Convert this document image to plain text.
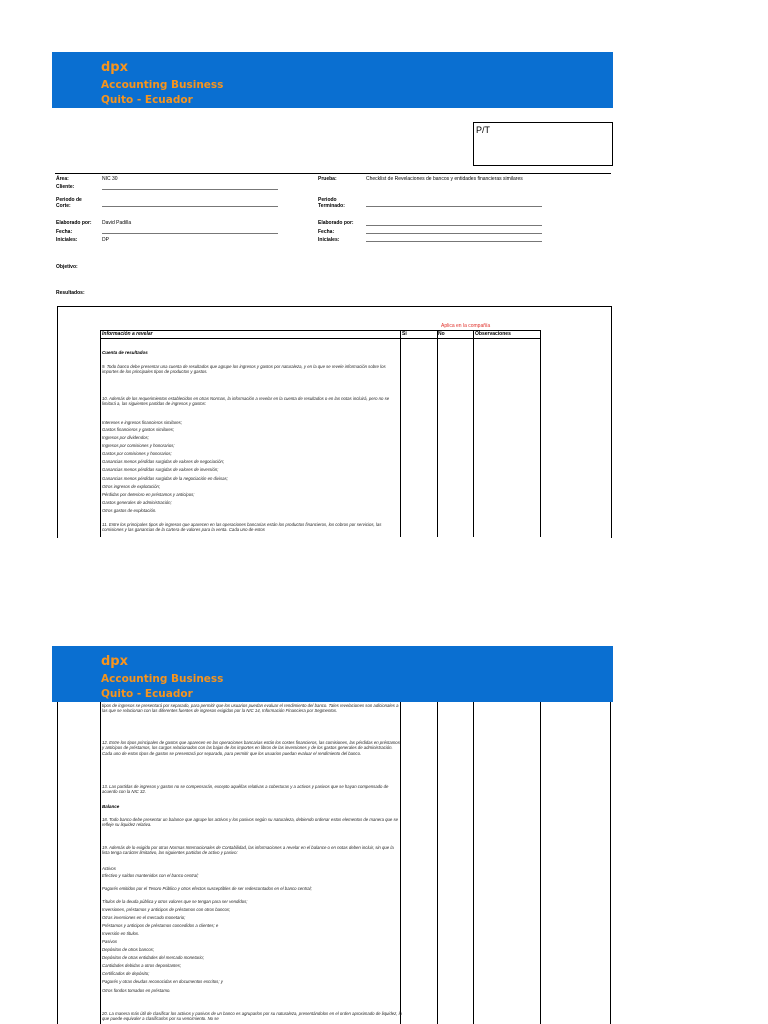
dpx
Accounting Business
Quito - Ecuador
P/T
Área:	NIC 30
Cliente:
Prueba:	Checklist de Revelaciones de bancos y entidades financieras similares
Periodo de
Corte:
Periodo
Terminado:
Elaborado por: David Padilla
Fecha:
Iniciales:	DP
Elaborado por:
Fecha:
Iniciales:
Objetivo:
Resultados:
Aplica en la compañía
Información a revelar	Si	No	Observaciones
Cuenta de resultados
9. Todo banco debe presentar una cuenta de resultados que agrupe los ingresos y gastos por naturaleza, y en la que se revele información sobre los importes de los principales tipos de productos y gastos.
10. Además de los requerimientos establecidos en otras Normas, la información a revelar en la cuenta de resultados o en las notas incluirá, pero no se limitará a, las siguientes partidas de ingresos y gastos:
Intereses e ingresos financieros similares;
Gastos financieros y gastos similares;
Ingresos por dividendos;
Ingresos por comisiones y honorarios;
Gastos por comisiones y honorarios;
Ganancias menos pérdidas surgidas de valores de negociación;
Ganancias menos pérdidas surgidas de valores de inversión;
Ganancias menos pérdidas surgidas de la negociación en divisas;
Otros ingresos de explotación;
Pérdidas por deterioro en préstamos y anticipos;
Gastos generales de administración;
Otros gastos de explotación.
11. Entre los principales tipos de ingresos que aparecen en las operaciones bancarias están los productos financieros, los cobros por servicios, las comisiones y las ganancias de la cartera de valores para la venta. Cada uno de estos
dpx
Accounting Business
Quito - Ecuador
tipos de ingresos se presentará por separado, para permitir que los usuarios puedan evaluar el rendimiento del banco. Tales revelaciones son adicionales a las que se relacionan con las diferentes fuentes de ingresos exigidas por la NIC 14, Información Financiera por Segmentos.
12. Entre los tipos principales de gastos que aparecen en las operaciones bancarias están los costes financieros, las comisiones, las pérdidas en préstamos y anticipos de préstamos, los cargos relacionados con las bajas de los importes en libros de las inversiones y de los gastos generales de administración. Cada uno de estos tipos de gastos se presentará por separado, para permitir que los usuarios puedan evaluar el rendimiento del banco.
13. Las partidas de ingresos y gastos no se compensarán, excepto aquéllas relativas a coberturas y a activos y pasivos que se hayan compensado de acuerdo con la NIC 32.
Balance
18. Todo banco debe presentar un balance que agrupe los activos y los pasivos según su naturaleza, debiendo ordenar estos elementos de manera que se refleje su liquidez relativa.
19. Además de lo exigido por otras Normas Internacionales de Contabilidad, las informaciones a revelar en el balance o en notas deben incluir, sin que la lista tenga carácter limitativo, las siguientes partidas de activo y pasivo:
Activos
Efectivo y saldos mantenidos con el banco central;
Pagarés emitidos por el Tesoro Público y otros efectos susceptibles de ser redescontados en el banco central;
Títulos de la deuda pública y otros valores que se tengan para ser vendidos;
Inversiones, préstamos y anticipos de préstamos con otros bancos;
Otras inversiones en el mercado monetario;
Préstamos y anticipos de préstamos concedidos a clientes; e
Inversión en títulos.
Pasivos
Depósitos de otros bancos;
Depósitos de otras entidades del mercado monetario;
Cantidades debidas a otros depositantes;
Certificados de depósito;
Pagarés y otras deudas reconocidas en documentos escritos; y
Otros fondos tomados en préstamo.
20. La manera más útil de clasificar los activos y pasivos de un banco es agruparlos por su naturaleza, presentándolos en el orden aproximado de liquidez, lo que puede equivaler a clasificarlos por su vencimiento. No se
